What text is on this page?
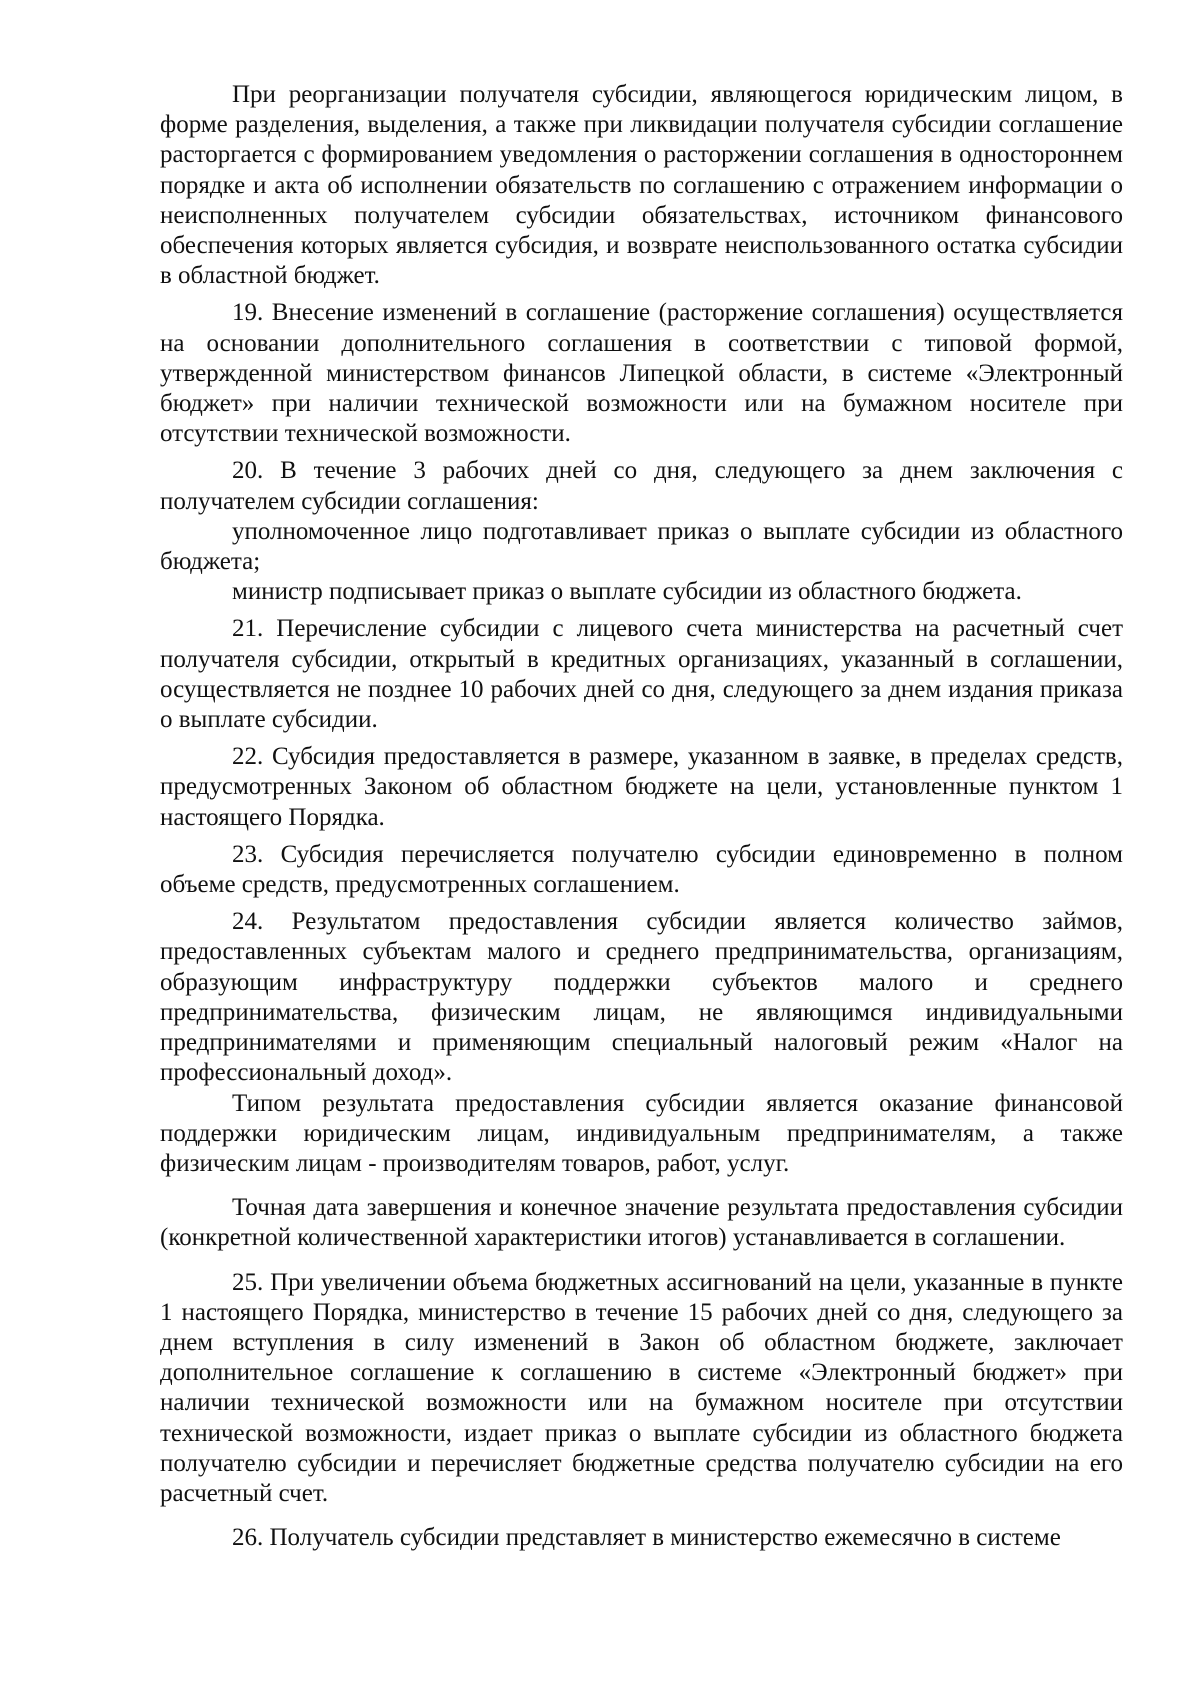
При реорганизации получателя субсидии, являющегося юридическим лицом, в форме разделения, выделения, а также при ликвидации получателя субсидии соглашение расторгается с формированием уведомления о расторжении соглашения в одностороннем порядке и акта об исполнении обязательств по соглашению с отражением информации о неисполненных получателем субсидии обязательствах, источником финансового обеспечения которых является субсидия, и возврате неиспользованного остатка субсидии в областной бюджет.

19. Внесение изменений в соглашение (расторжение соглашения) осуществляется на основании дополнительного соглашения в соответствии с типовой формой, утвержденной министерством финансов Липецкой области, в системе «Электронный бюджет» при наличии технической возможности или на бумажном носителе при отсутствии технической возможности.

20. В течение 3 рабочих дней со дня, следующего за днем заключения с получателем субсидии соглашения:

уполномоченное лицо подготавливает приказ о выплате субсидии из областного бюджета;

министр подписывает приказ о выплате субсидии из областного бюджета.

21. Перечисление субсидии с лицевого счета министерства на расчетный счет получателя субсидии, открытый в кредитных организациях, указанный в соглашении, осуществляется не позднее 10 рабочих дней со дня, следующего за днем издания приказа о выплате субсидии.

22. Субсидия предоставляется в размере, указанном в заявке, в пределах средств, предусмотренных Законом об областном бюджете на цели, установленные пунктом 1 настоящего Порядка.

23. Субсидия перечисляется получателю субсидии единовременно в полном объеме средств, предусмотренных соглашением.

24. Результатом предоставления субсидии является количество займов, предоставленных субъектам малого и среднего предпринимательства, организациям, образующим инфраструктуру поддержки субъектов малого и среднего предпринимательства, физическим лицам, не являющимся индивидуальными предпринимателями и применяющим специальный налоговый режим «Налог на профессиональный доход».

Типом результата предоставления субсидии является оказание финансовой поддержки юридическим лицам, индивидуальным предпринимателям, а также физическим лицам - производителям товаров, работ, услуг.

Точная дата завершения и конечное значение результата предоставления субсидии (конкретной количественной характеристики итогов) устанавливается в соглашении.

25. При увеличении объема бюджетных ассигнований на цели, указанные в пункте 1 настоящего Порядка, министерство в течение 15 рабочих дней со дня, следующего за днем вступления в силу изменений в Закон об областном бюджете, заключает дополнительное соглашение к соглашению в системе «Электронный бюджет» при наличии технической возможности или на бумажном носителе при отсутствии технической возможности, издает приказ о выплате субсидии из областного бюджета получателю субсидии и перечисляет бюджетные средства получателю субсидии на его расчетный счет.

26. Получатель субсидии представляет в министерство ежемесячно в системе
